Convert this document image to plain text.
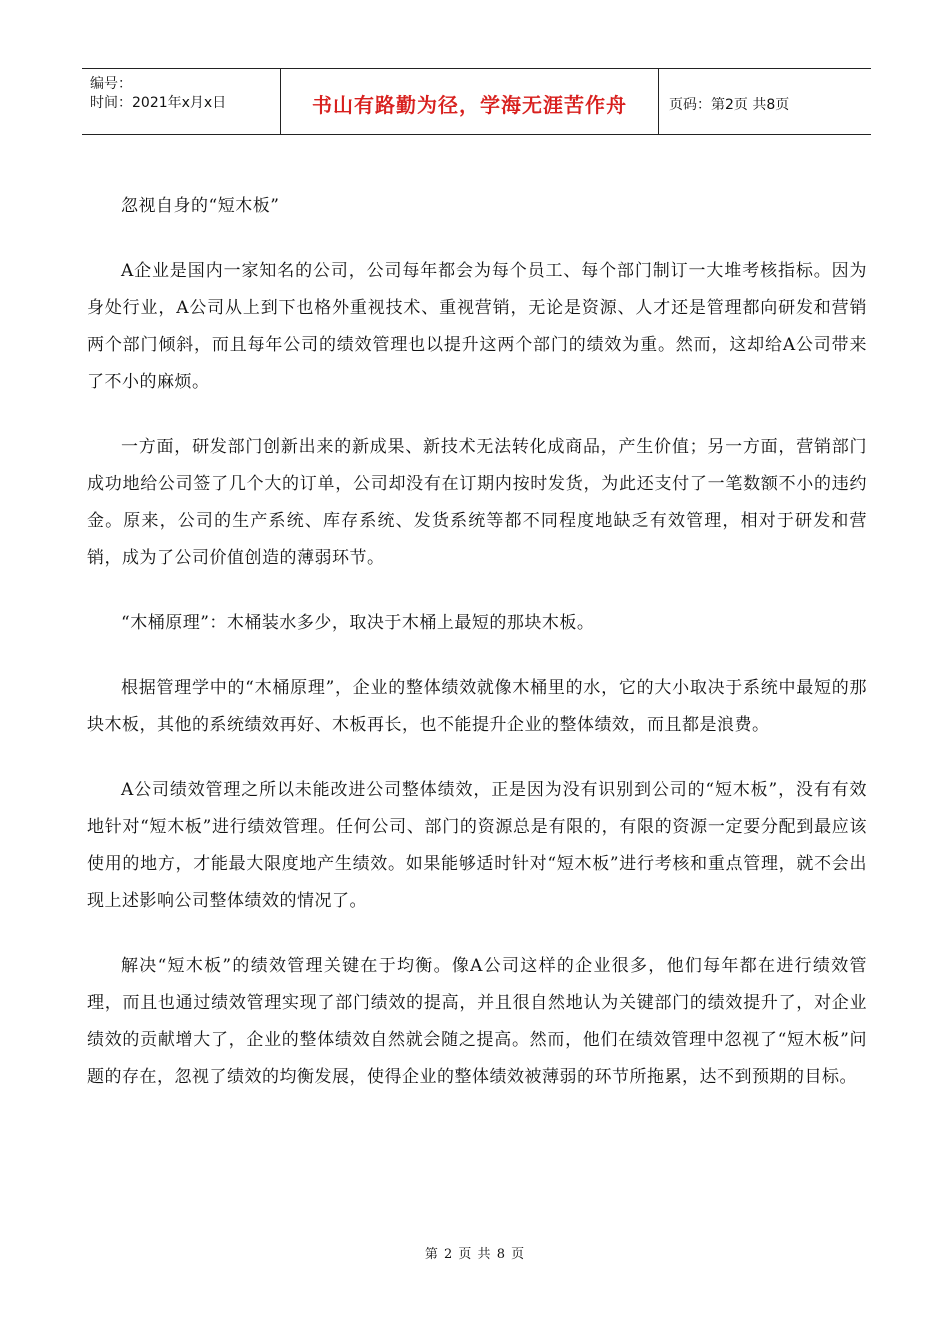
编号：
时间：2021年x月x日	书山有路勤为径，学海无涯苦作舟	页码：第2页 共8页

忽视自身的“短木板”

A企业是国内一家知名的公司，公司每年都会为每个员工、每个部门制订一大堆考核指标。因为身处行业，A公司从上到下也格外重视技术、重视营销，无论是资源、人才还是管理都向研发和营销两个部门倾斜，而且每年公司的绩效管理也以提升这两个部门的绩效为重。然而，这却给A公司带来了不小的麻烦。

一方面，研发部门创新出来的新成果、新技术无法转化成商品，产生价值；另一方面，营销部门成功地给公司签了几个大的订单，公司却没有在订期内按时发货，为此还支付了一笔数额不小的违约金。原来，公司的生产系统、库存系统、发货系统等都不同程度地缺乏有效管理，相对于研发和营销，成为了公司价值创造的薄弱环节。

“木桶原理”：木桶装水多少，取决于木桶上最短的那块木板。

根据管理学中的“木桶原理”，企业的整体绩效就像木桶里的水，它的大小取决于系统中最短的那块木板，其他的系统绩效再好、木板再长，也不能提升企业的整体绩效，而且都是浪费。

A公司绩效管理之所以未能改进公司整体绩效，正是因为没有识别到公司的“短木板”，没有有效地针对“短木板”进行绩效管理。任何公司、部门的资源总是有限的，有限的资源一定要分配到最应该使用的地方，才能最大限度地产生绩效。如果能够适时针对“短木板”进行考核和重点管理，就不会出现上述影响公司整体绩效的情况了。

解决“短木板”的绩效管理关键在于均衡。像A公司这样的企业很多，他们每年都在进行绩效管理，而且也通过绩效管理实现了部门绩效的提高，并且很自然地认为关键部门的绩效提升了，对企业绩效的贡献增大了，企业的整体绩效自然就会随之提高。然而，他们在绩效管理中忽视了“短木板”问题的存在，忽视了绩效的均衡发展，使得企业的整体绩效被薄弱的环节所拖累，达不到预期的目标。

第 2 页 共 8 页
